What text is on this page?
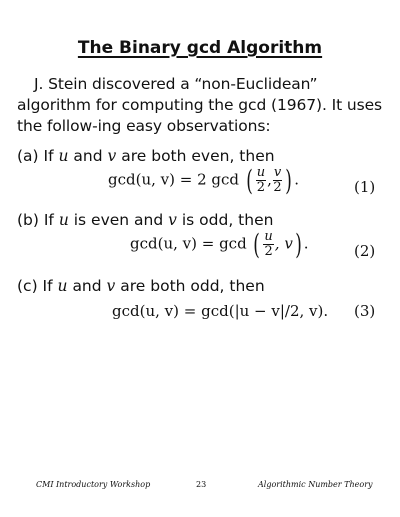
The Binary gcd Algorithm
J. Stein discovered a “non-Euclidean” algorithm for computing the gcd (1967). It uses the follow-ing easy observations:
(a) If u and v are both even, then
gcd(u, v) = 2 gcd ( $\frac{u}{2}$ , $\frac{v}{2}$ ) .	(1)
(b) If u is even and v is odd, then
gcd(u, v) = gcd ( $\frac{u}{2}$ , v) .	(2)
(c) If u and v are both odd, then
gcd(u, v) = gcd(|u − v|/2, v). (3)
CMI Introductory Workshop	23	Algorithmic Number Theory
